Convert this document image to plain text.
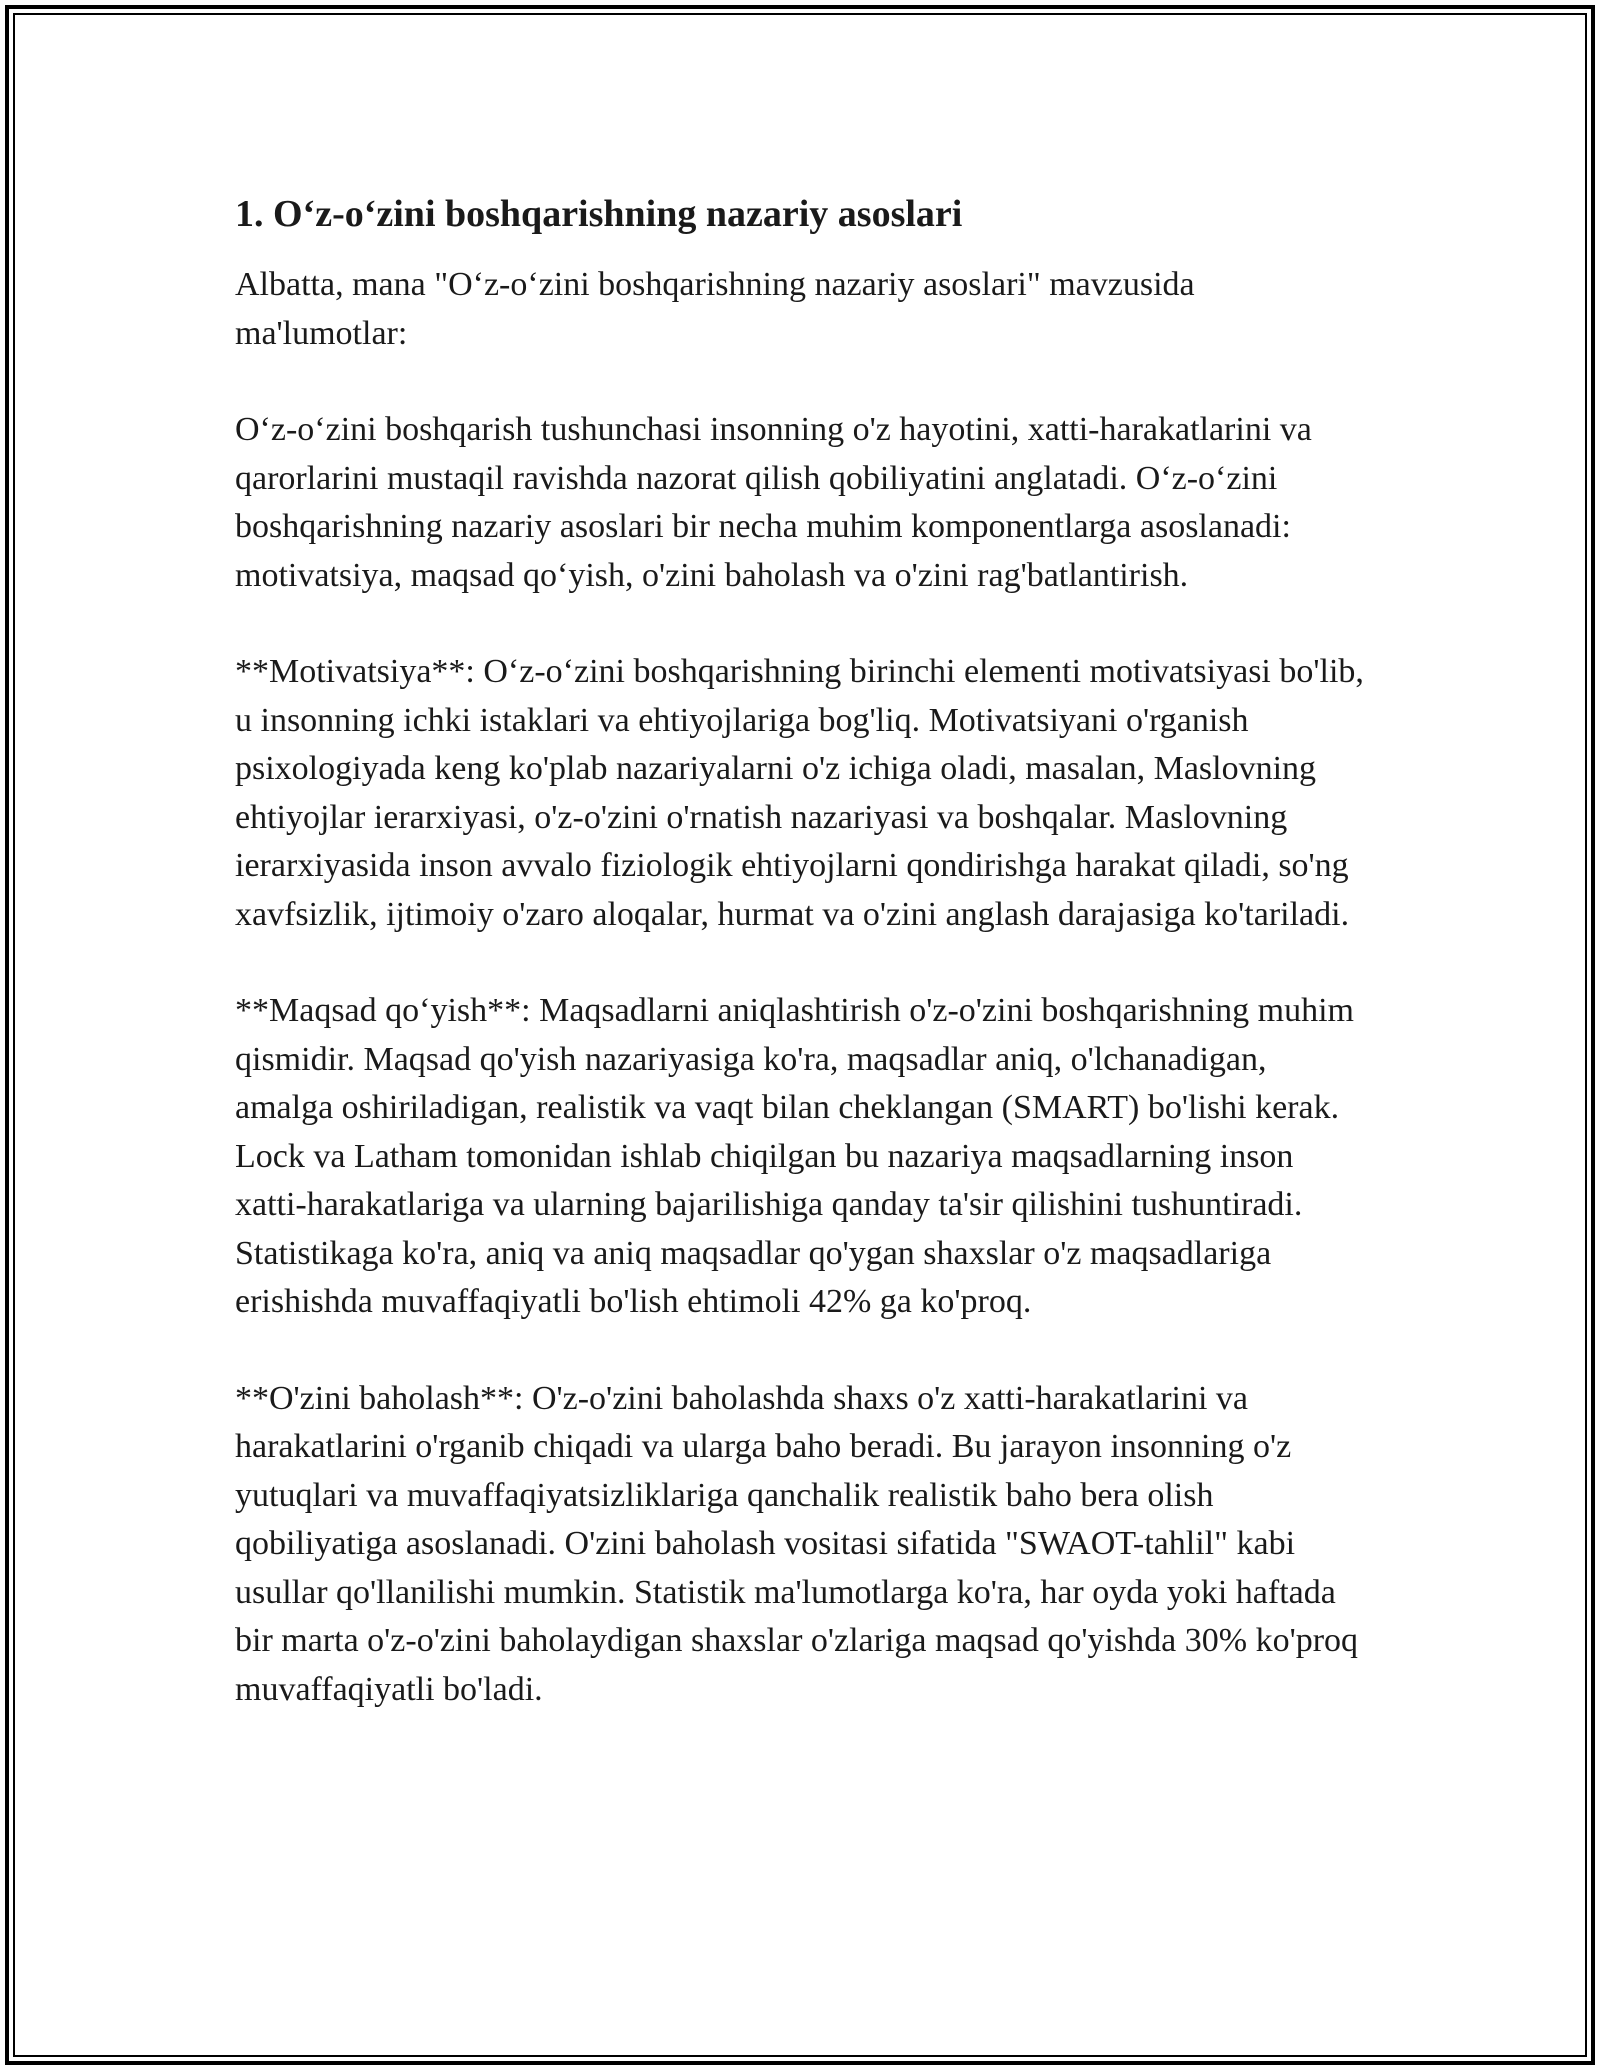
1. O‘z-o‘zini boshqarishning nazariy asoslari

Albatta, mana "O‘z-o‘zini boshqarishning nazariy asoslari" mavzusida ma'lumotlar:

O‘z-o‘zini boshqarish tushunchasi insonning o'z hayotini, xatti-harakatlarini va qarorlarini mustaqil ravishda nazorat qilish qobiliyatini anglatadi. O‘z-o‘zini boshqarishning nazariy asoslari bir necha muhim komponentlarga asoslanadi: motivatsiya, maqsad qo‘yish, o'zini baholash va o'zini rag'batlantirish.

**Motivatsiya**: O‘z-o‘zini boshqarishning birinchi elementi motivatsiyasi bo'lib, u insonning ichki istaklari va ehtiyojlariga bog'liq. Motivatsiyani o'rganish psixologiyada keng ko'plab nazariyalarni o'z ichiga oladi, masalan, Maslovning ehtiyojlar ierarxiyasi, o'z-o'zini o'rnatish nazariyasi va boshqalar. Maslovning ierarxiyasida inson avvalo fiziologik ehtiyojlarni qondirishga harakat qiladi, so'ng xavfsizlik, ijtimoiy o'zaro aloqalar, hurmat va o'zini anglash darajasiga ko'tariladi.

**Maqsad qo‘yish**: Maqsadlarni aniqlashtirish o'z-o'zini boshqarishning muhim qismidir. Maqsad qo'yish nazariyasiga ko'ra, maqsadlar aniq, o'lchanadigan, amalga oshiriladigan, realistik va vaqt bilan cheklangan (SMART) bo'lishi kerak. Lock va Latham tomonidan ishlab chiqilgan bu nazariya maqsadlarning inson xatti-harakatlariga va ularning bajarilishiga qanday ta'sir qilishini tushuntiradi. Statistikaga ko'ra, aniq va aniq maqsadlar qo'ygan shaxslar o'z maqsadlariga erishishda muvaffaqiyatli bo'lish ehtimoli 42% ga ko'proq.

**O'zini baholash**: O'z-o'zini baholashda shaxs o'z xatti-harakatlarini va harakatlarini o'rganib chiqadi va ularga baho beradi. Bu jarayon insonning o'z yutuqlari va muvaffaqiyatsizliklariga qanchalik realistik baho bera olish qobiliyatiga asoslanadi. O'zini baholash vositasi sifatida "SWAOT-tahlil" kabi usullar qo'llanilishi mumkin. Statistik ma'lumotlarga ko'ra, har oyda yoki haftada bir marta o'z-o'zini baholaydigan shaxslar o'zlariga maqsad qo'yishda 30% ko'proq muvaffaqiyatli bo'ladi.
